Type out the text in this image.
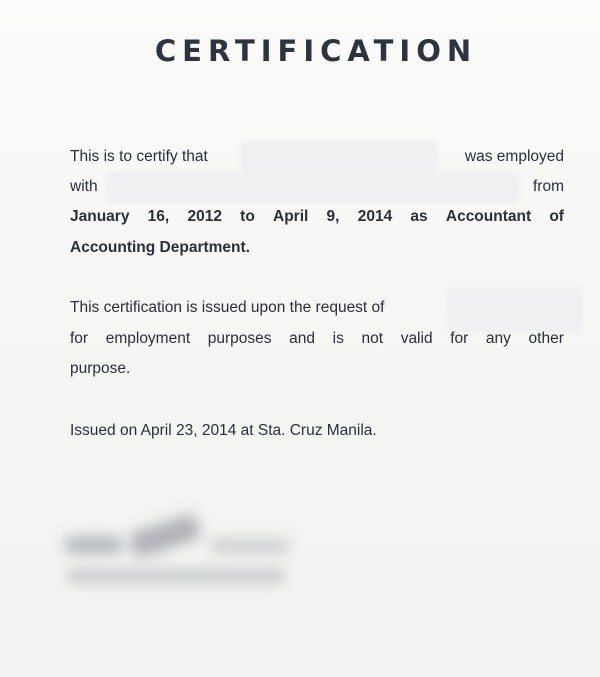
CERTIFICATION
This is to certify that	was employed
with	from
January 16, 2012 to April 9, 2014 as Accountant of
Accounting Department.
This certification is issued upon the request of
for employment purposes and is not valid for any other
purpose.
Issued on April 23, 2014 at Sta. Cruz Manila.
